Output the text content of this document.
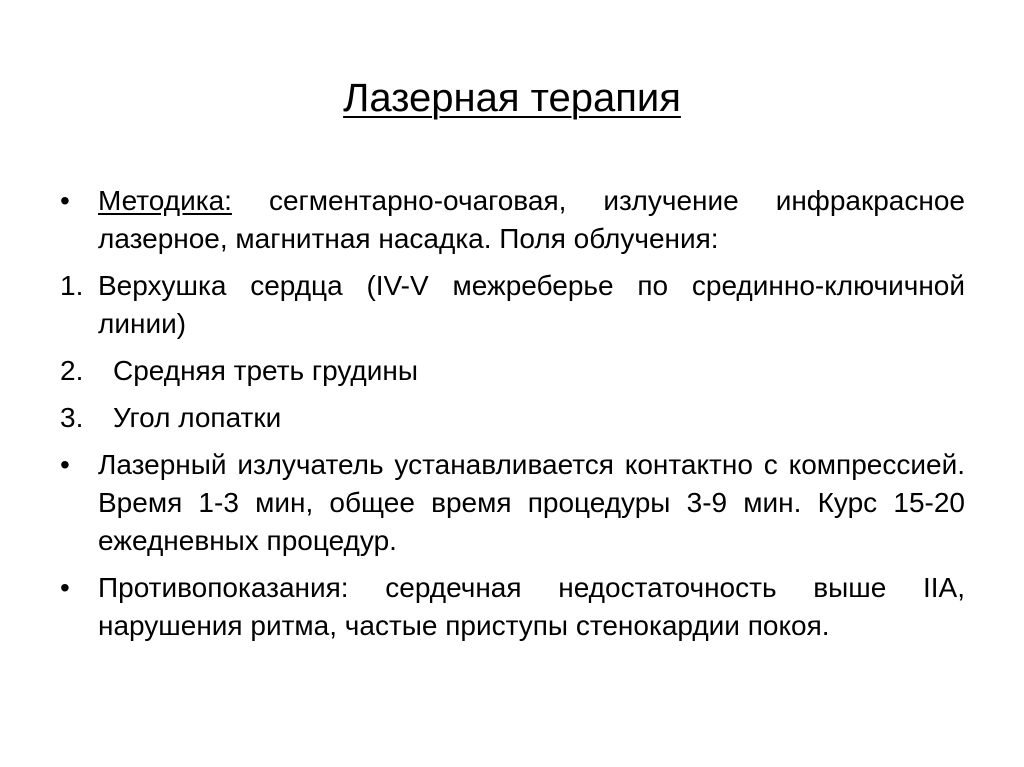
Лазерная терапия
• Методика: сегментарно-очаговая, излучение инфракрасное лазерное, магнитная насадка. Поля облучения:
1. Верхушка сердца (IV-V межреберье по срединно-ключичной линии)
2. Средняя треть грудины
3. Угол лопатки
• Лазерный излучатель устанавливается контактно с компрессией. Время 1-3 мин, общее время процедуры 3-9 мин. Курс 15-20 ежедневных процедур.
• Противопоказания: сердечная недостаточность выше IIA, нарушения ритма, частые приступы стенокардии покоя.
